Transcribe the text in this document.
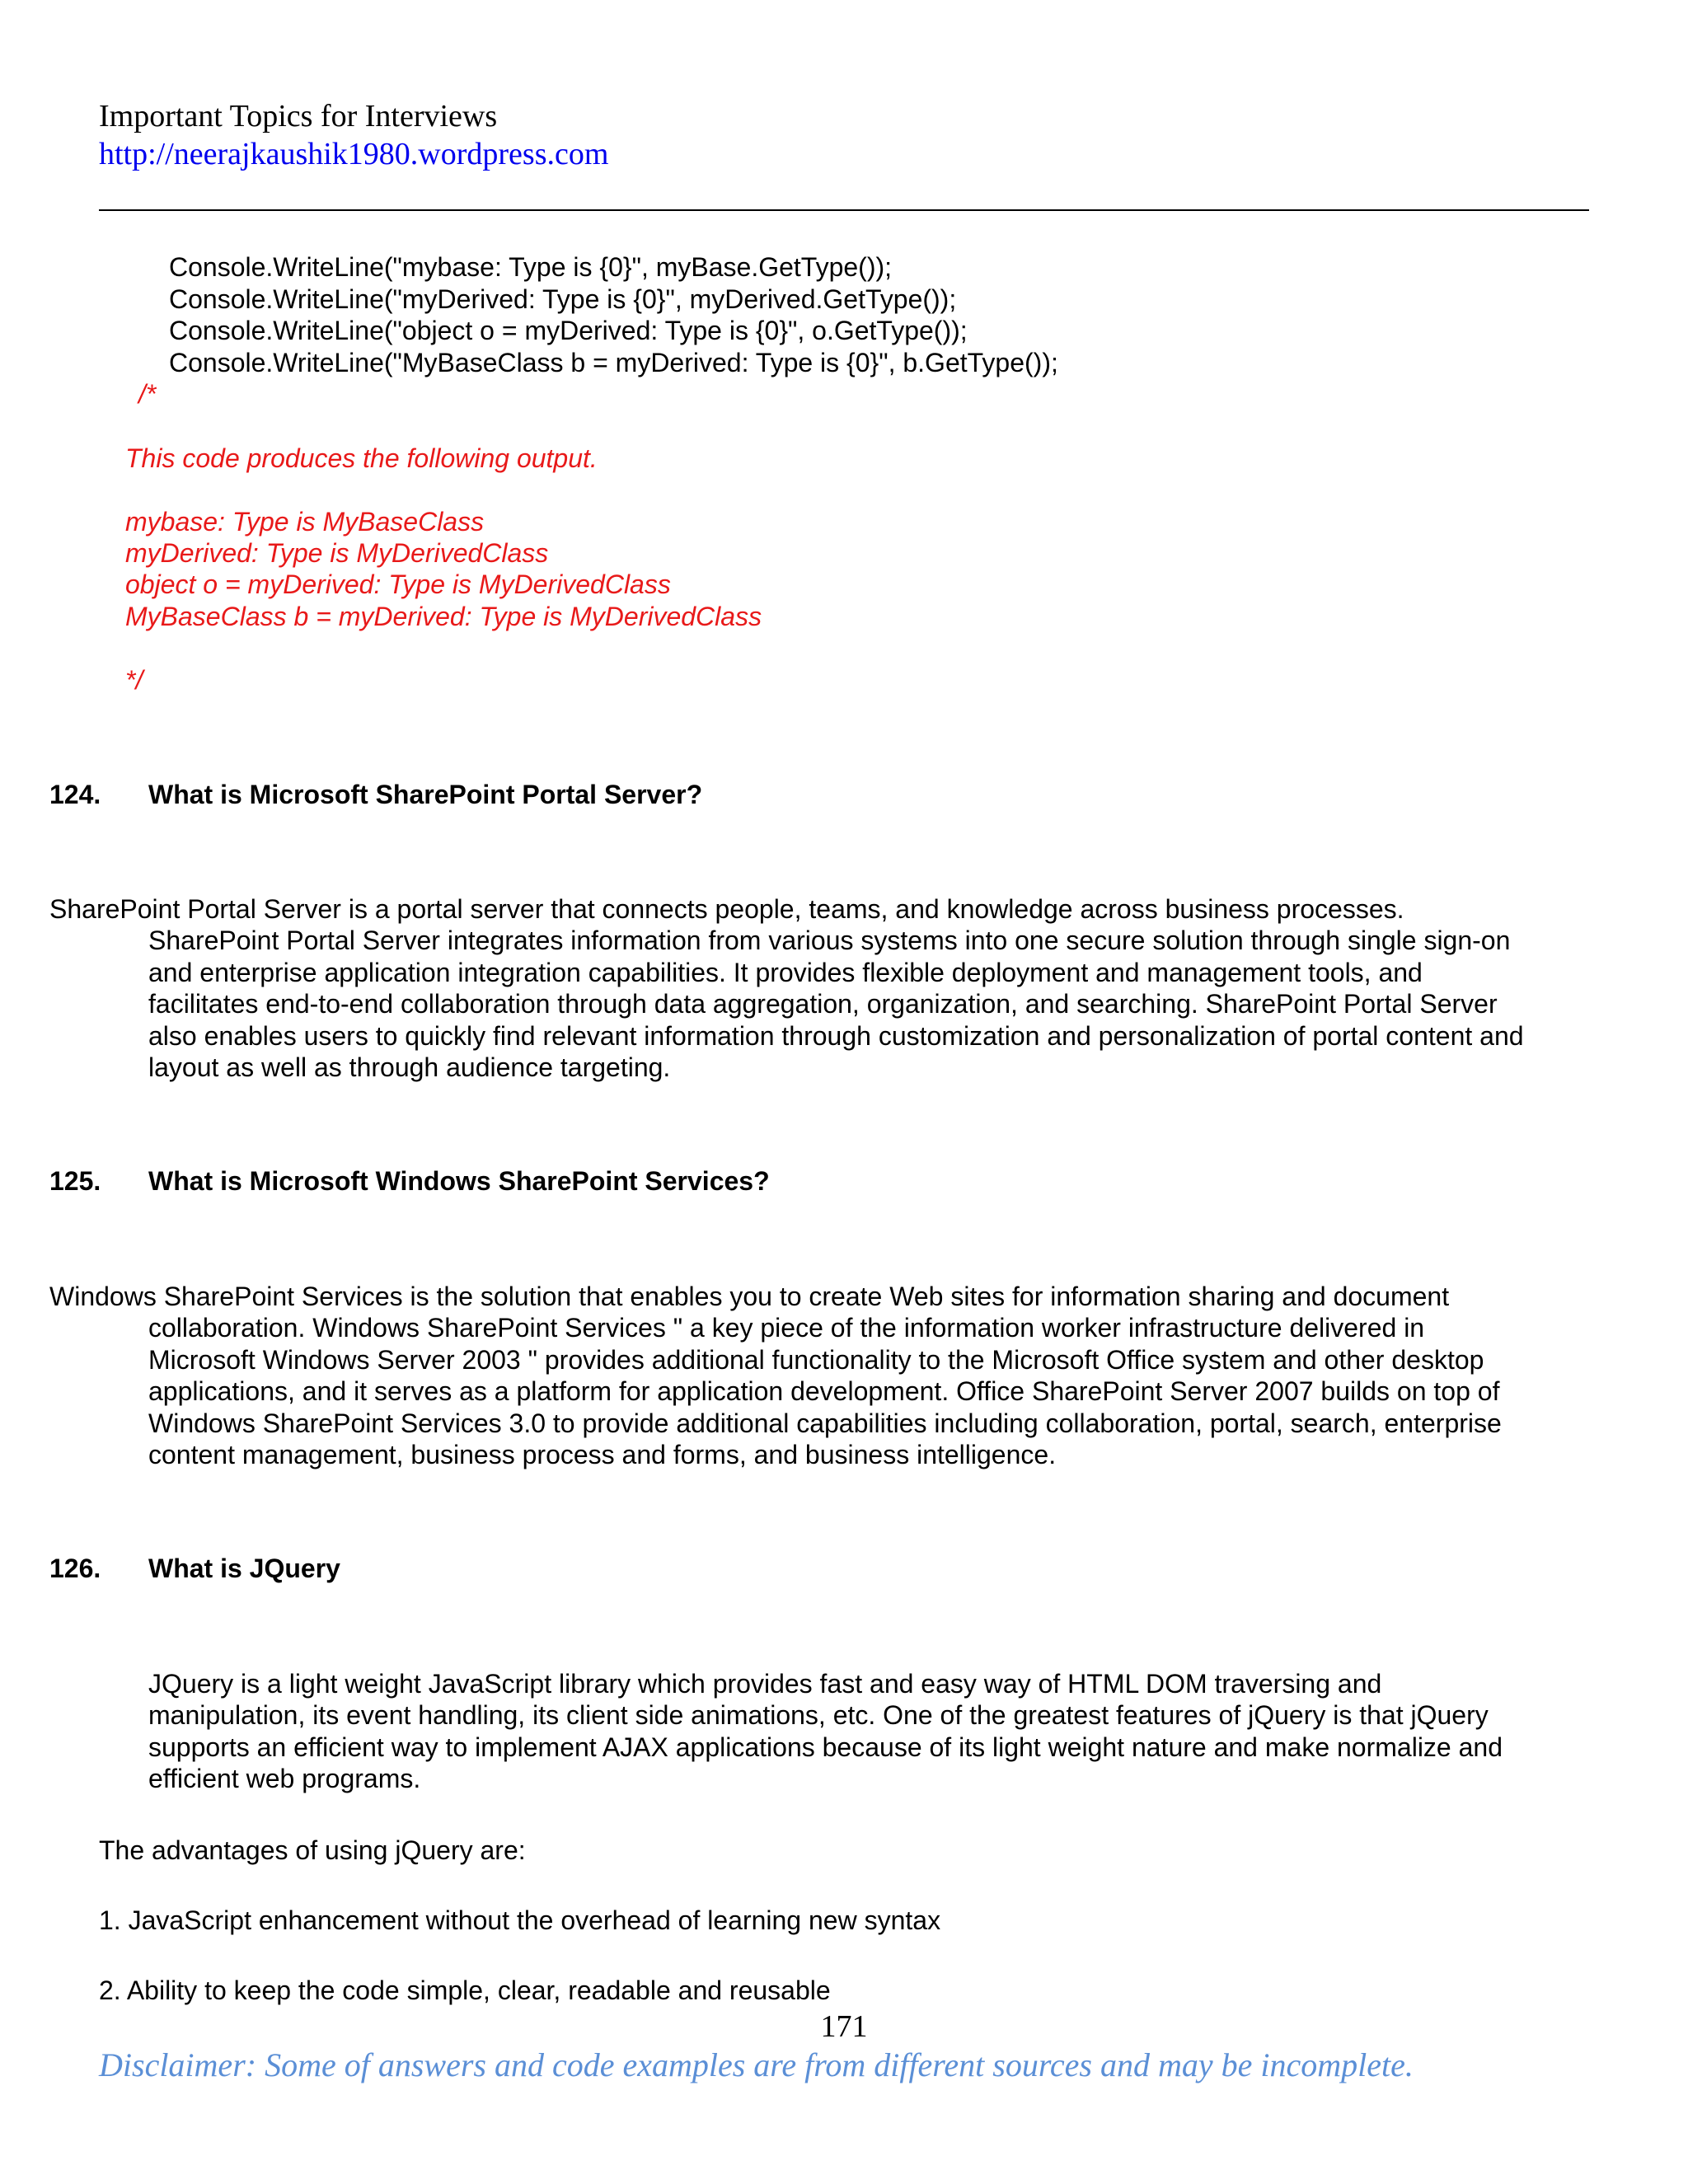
Important Topics for Interviews
http://neerajkaushik1980.wordpress.com
Console.WriteLine("mybase: Type is {0}", myBase.GetType());
Console.WriteLine("myDerived: Type is {0}", myDerived.GetType());
Console.WriteLine("object o = myDerived: Type is {0}", o.GetType());
Console.WriteLine("MyBaseClass b = myDerived: Type is {0}", b.GetType());
/*
This code produces the following output.
mybase: Type is MyBaseClass
myDerived: Type is MyDerivedClass
object o = myDerived: Type is MyDerivedClass
MyBaseClass b = myDerived: Type is MyDerivedClass
*/
124. What is Microsoft SharePoint Portal Server?
SharePoint Portal Server is a portal server that connects people, teams, and knowledge across business processes.
SharePoint Portal Server integrates information from various systems into one secure solution through single sign-on
and enterprise application integration capabilities. It provides flexible deployment and management tools, and
facilitates end-to-end collaboration through data aggregation, organization, and searching. SharePoint Portal Server
also enables users to quickly find relevant information through customization and personalization of portal content and
layout as well as through audience targeting.
125. What is Microsoft Windows SharePoint Services?
Windows SharePoint Services is the solution that enables you to create Web sites for information sharing and document
collaboration. Windows SharePoint Services " a key piece of the information worker infrastructure delivered in
Microsoft Windows Server 2003 " provides additional functionality to the Microsoft Office system and other desktop
applications, and it serves as a platform for application development. Office SharePoint Server 2007 builds on top of
Windows SharePoint Services 3.0 to provide additional capabilities including collaboration, portal, search, enterprise
content management, business process and forms, and business intelligence.
126. What is JQuery
JQuery is a light weight JavaScript library which provides fast and easy way of HTML DOM traversing and
manipulation, its event handling, its client side animations, etc. One of the greatest features of jQuery is that jQuery
supports an efficient way to implement AJAX applications because of its light weight nature and make normalize and
efficient web programs.
The advantages of using jQuery are:
1. JavaScript enhancement without the overhead of learning new syntax
2. Ability to keep the code simple, clear, readable and reusable
171
Disclaimer: Some of answers and code examples are from different sources and may be incomplete.
